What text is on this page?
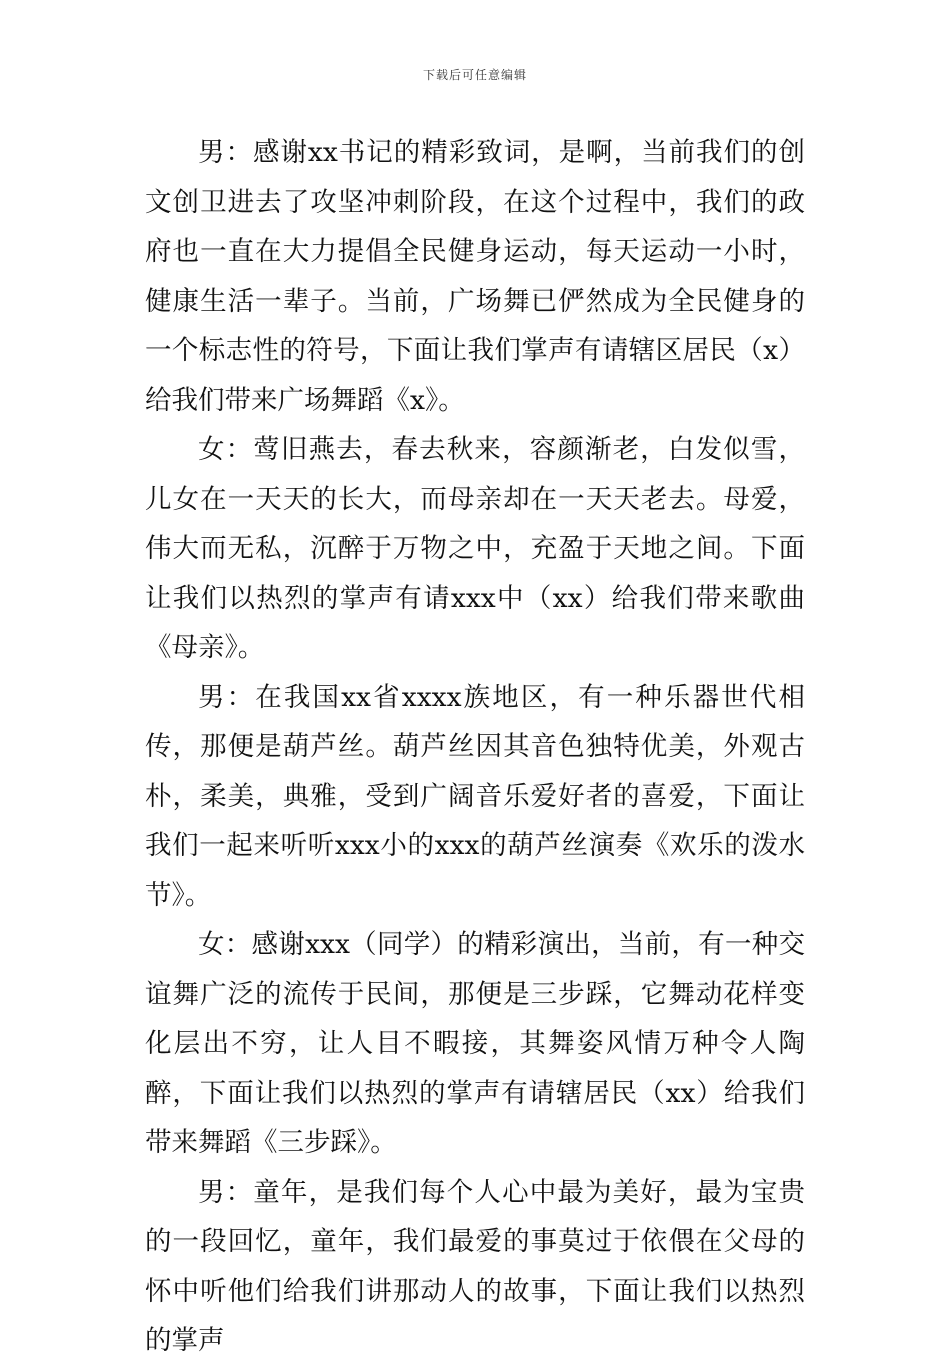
下载后可任意编辑

男：感谢xx书记的精彩致词，是啊，当前我们的创文创卫进去了攻坚冲刺阶段，在这个过程中，我们的政府也一直在大力提倡全民健身运动，每天运动一小时，健康生活一辈子。当前，广场舞已俨然成为全民健身的一个标志性的符号，下面让我们掌声有请辖区居民（x）给我们带来广场舞蹈《x》。

女：莺旧燕去，春去秋来，容颜渐老，白发似雪，儿女在一天天的长大，而母亲却在一天天老去。母爱，伟大而无私，沉醉于万物之中，充盈于天地之间。下面让我们以热烈的掌声有请xxx中（xx）给我们带来歌曲《母亲》。

男：在我国xx省xxxx族地区，有一种乐器世代相传，那便是葫芦丝。葫芦丝因其音色独特优美，外观古朴，柔美，典雅，受到广阔音乐爱好者的喜爱，下面让我们一起来听听xxx小的xxx的葫芦丝演奏《欢乐的泼水节》。

女：感谢xxx（同学）的精彩演出，当前，有一种交谊舞广泛的流传于民间，那便是三步踩，它舞动花样变化层出不穷，让人目不暇接，其舞姿风情万种令人陶醉，下面让我们以热烈的掌声有请辖居民（xx）给我们带来舞蹈《三步踩》。

男：童年，是我们每个人心中最为美好，最为宝贵的一段回忆，童年，我们最爱的事莫过于依偎在父母的怀中听他们给我们讲那动人的故事，下面让我们以热烈的掌声
